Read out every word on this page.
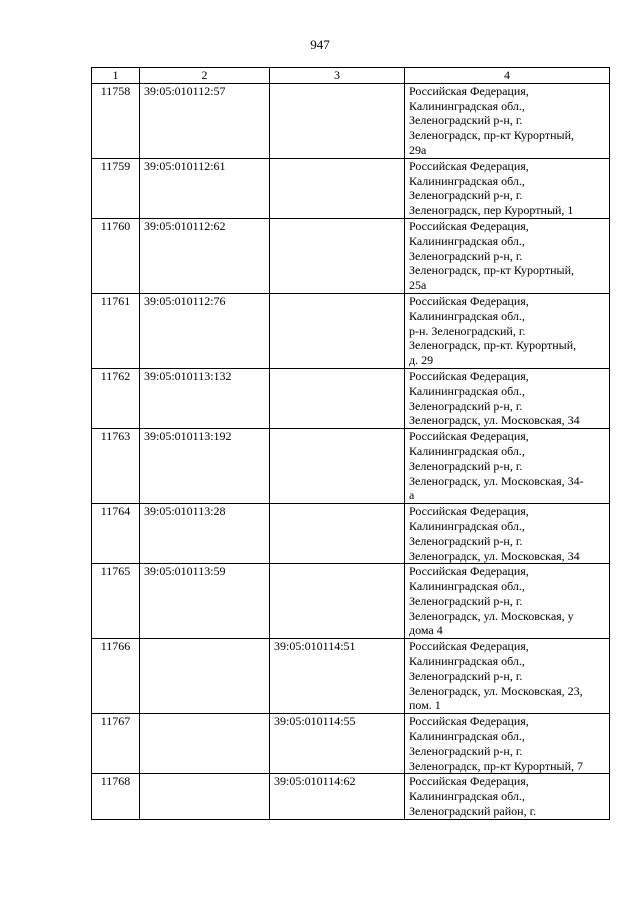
947
1	2	3	4
11758	39:05:010112:57		Российская Федерация,
Калининградская обл.,
Зеленоградский р-н, г.
Зеленоградск, пр-кт Курортный,
29а
11759	39:05:010112:61		Российская Федерация,
Калининградская обл.,
Зеленоградский р-н, г.
Зеленоградск, пер Курортный, 1
11760	39:05:010112:62		Российская Федерация,
Калининградская обл.,
Зеленоградский р-н, г.
Зеленоградск, пр-кт Курортный,
25а
11761	39:05:010112:76		Российская Федерация,
Калининградская обл.,
р-н. Зеленоградский, г.
Зеленоградск, пр-кт. Курортный,
д. 29
11762	39:05:010113:132		Российская Федерация,
Калининградская обл.,
Зеленоградский р-н, г.
Зеленоградск, ул. Московская, 34
11763	39:05:010113:192		Российская Федерация,
Калининградская обл.,
Зеленоградский р-н, г.
Зеленоградск, ул. Московская, 34-
а
11764	39:05:010113:28		Российская Федерация,
Калининградская обл.,
Зеленоградский р-н, г.
Зеленоградск, ул. Московская, 34
11765	39:05:010113:59		Российская Федерация,
Калининградская обл.,
Зеленоградский р-н, г.
Зеленоградск, ул. Московская, у
дома 4
11766		39:05:010114:51	Российская Федерация,
Калининградская обл.,
Зеленоградский р-н, г.
Зеленоградск, ул. Московская, 23,
пом. 1
11767		39:05:010114:55	Российская Федерация,
Калининградская обл.,
Зеленоградский р-н, г.
Зеленоградск, пр-кт Курортный, 7
11768		39:05:010114:62	Российская Федерация,
Калининградская обл.,
Зеленоградский район, г.
